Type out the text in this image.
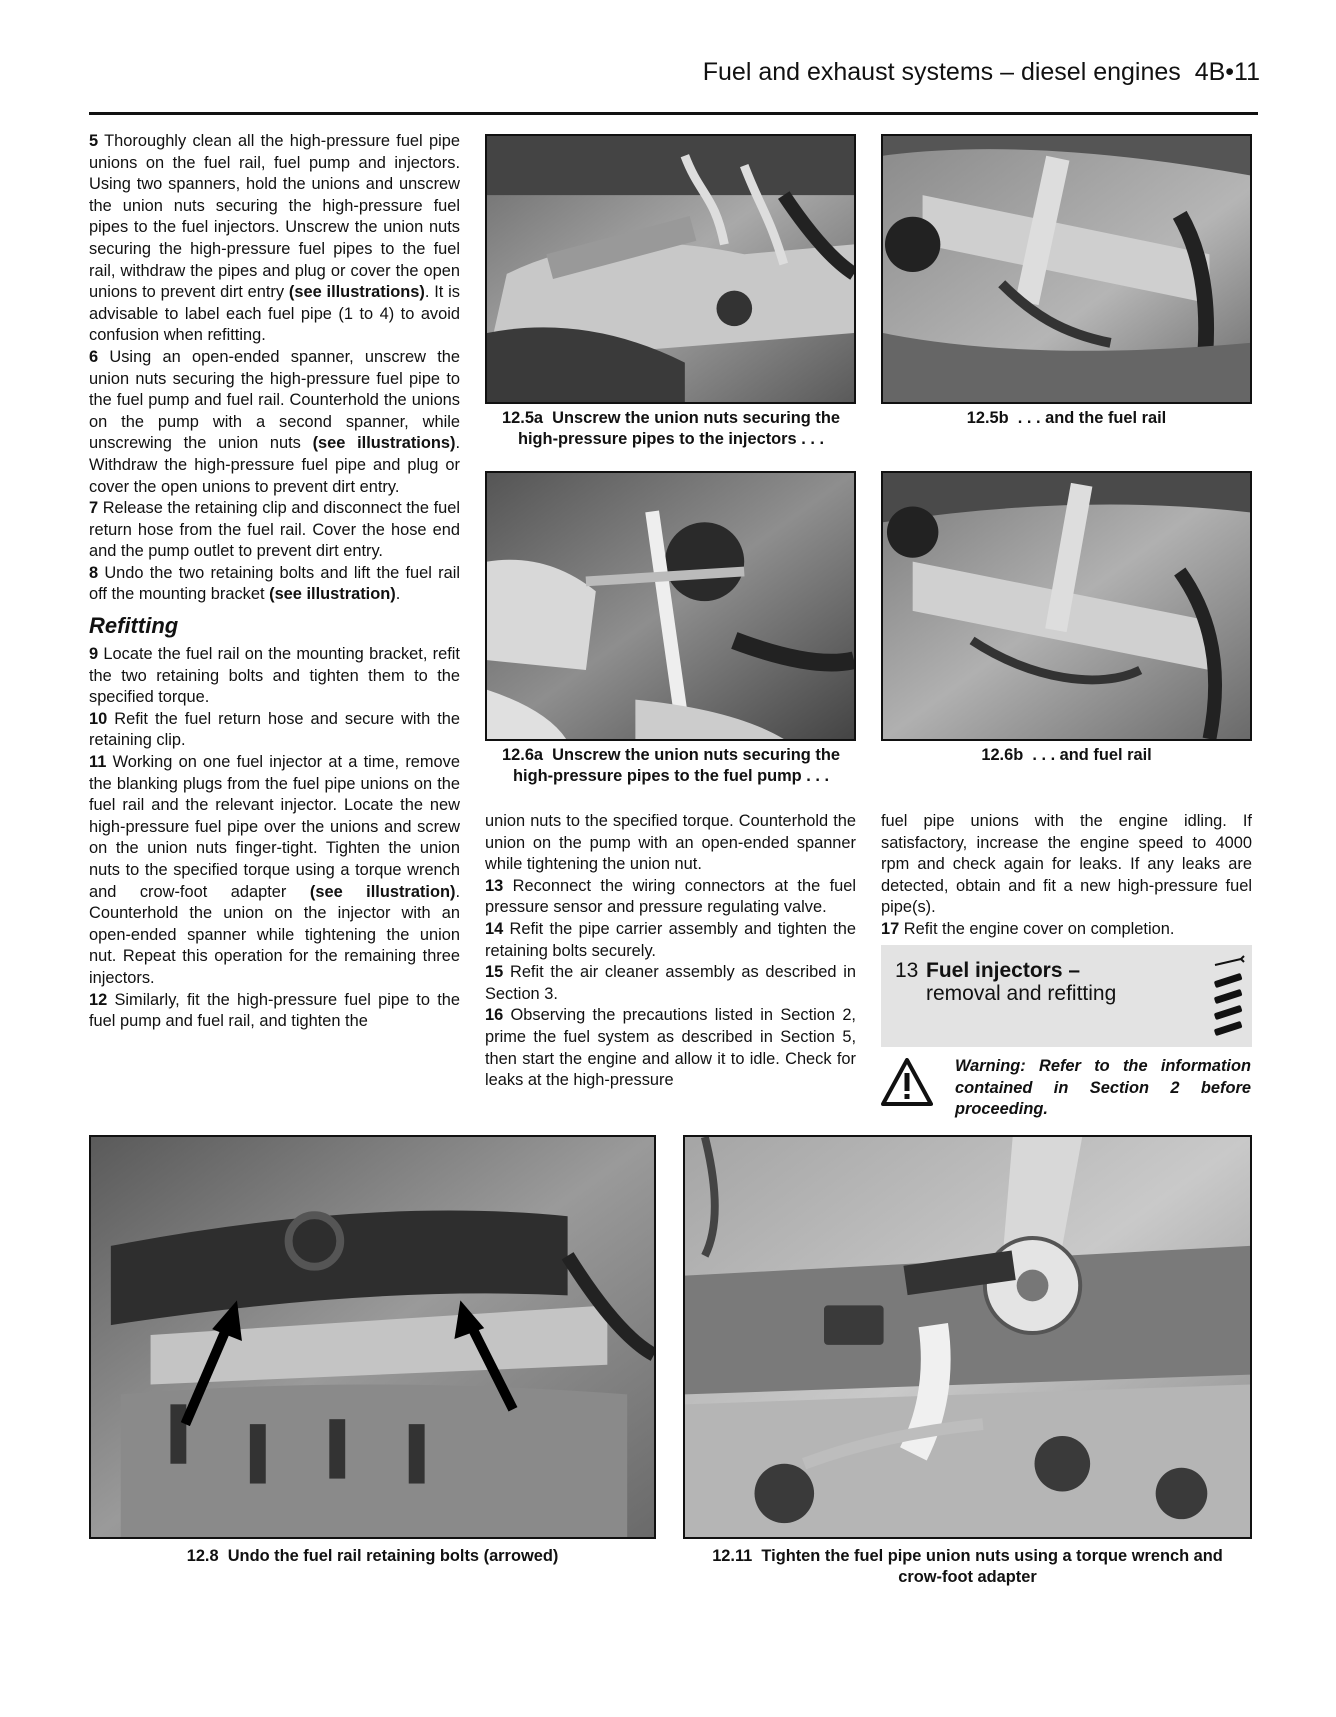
Fuel and exhaust systems – diesel engines 4B•11

5 Thoroughly clean all the high-pressure fuel pipe unions on the fuel rail, fuel pump and injectors. Using two spanners, hold the unions and unscrew the union nuts securing the high-pressure fuel pipes to the fuel injectors. Unscrew the union nuts securing the high-pressure fuel pipes to the fuel rail, withdraw the pipes and plug or cover the open unions to prevent dirt entry (see illustrations). It is advisable to label each fuel pipe (1 to 4) to avoid confusion when refitting.

6 Using an open-ended spanner, unscrew the union nuts securing the high-pressure fuel pipe to the fuel pump and fuel rail. Counterhold the unions on the pump with a second spanner, while unscrewing the union nuts (see illustrations). Withdraw the high-pressure fuel pipe and plug or cover the open unions to prevent dirt entry.

7 Release the retaining clip and disconnect the fuel return hose from the fuel rail. Cover the hose end and the pump outlet to prevent dirt entry.

8 Undo the two retaining bolts and lift the fuel rail off the mounting bracket (see illustration).

Refitting

9 Locate the fuel rail on the mounting bracket, refit the two retaining bolts and tighten them to the specified torque.

10 Refit the fuel return hose and secure with the retaining clip.

11 Working on one fuel injector at a time, remove the blanking plugs from the fuel pipe unions on the fuel rail and the relevant injector. Locate the new high-pressure fuel pipe over the unions and screw on the union nuts finger-tight. Tighten the union nuts to the specified torque using a torque wrench and crow-foot adapter (see illustration). Counterhold the union on the injector with an open-ended spanner while tightening the union nut. Repeat this operation for the remaining three injectors.

12 Similarly, fit the high-pressure fuel pipe to the fuel pump and fuel rail, and tighten the

12.5a Unscrew the union nuts securing the
high-pressure pipes to the injectors . . .
12.5b . . . and the fuel rail
12.6a Unscrew the union nuts securing the
high-pressure pipes to the fuel pump . . .
12.6b . . . and fuel rail

union nuts to the specified torque. Counterhold the union on the pump with an open-ended spanner while tightening the union nut.

13 Reconnect the wiring connectors at the fuel pressure sensor and pressure regulating valve.

14 Refit the pipe carrier assembly and tighten the retaining bolts securely.

15 Refit the air cleaner assembly as described in Section 3.

16 Observing the precautions listed in Section 2, prime the fuel system as described in Section 5, then start the engine and allow it to idle. Check for leaks at the high-pressure

fuel pipe unions with the engine idling. If satisfactory, increase the engine speed to 4000 rpm and check again for leaks. If any leaks are detected, obtain and fit a new high-pressure fuel pipe(s).

17 Refit the engine cover on completion.

13 Fuel injectors –
removal and refitting
Warning: Refer to the information contained in Section 2 before proceeding.
12.8 Undo the fuel rail retaining bolts (arrowed)	12.11 Tighten the fuel pipe union nuts using a torque wrench and
crow-foot adapter
